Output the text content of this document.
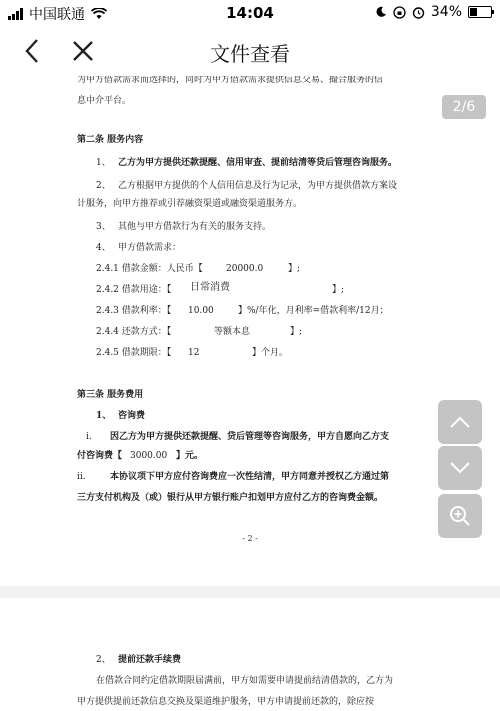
中国联通	14:04	34%
文件查看
为甲方借款需求而选择的，同时为甲方借款需求提供信息交易、撮合服务的信
息中介平台。
第二条 服务内容
1、 乙方为甲方提供还款提醒、信用审查、提前结清等贷后管理咨询服务。
2、 乙方根据甲方提供的个人信用信息及行为记录，为甲方提供借款方案设
计服务，向甲方推荐或引荐融资渠道或融资渠道服务方。
3、 其他与甲方借款行为有关的服务支持。
4、 甲方借款需求：
2.4.1 借款金额：人民币【	20000.0	】;
2.4.2 借款用途：【 日常消费	】;
2.4.3 借款利率：【 10.00	】%/年化，月利率=借款利率/12月；
2.4.4 还款方式：【	等额本息	】;
2.4.5 借款期限：【 12	】个月。
第三条 服务费用
1、 咨询费
i. 因乙方为甲方提供还款提醒、贷后管理等咨询服务，甲方自愿向乙方支
付咨询费【 3000.00 】元。
ii.	本协议项下甲方应付咨询费应一次性结清，甲方同意并授权乙方通过第
三方支付机构及（或）银行从甲方银行账户扣划甲方应付乙方的咨询费金额。
- 2 -
2、 提前还款手续费
在借款合同约定借款期限届满前，甲方如需要申请提前结清借款的，乙方为
甲方提供提前还款信息交换及渠道维护服务，甲方申请提前还款的，除应按
2/6
